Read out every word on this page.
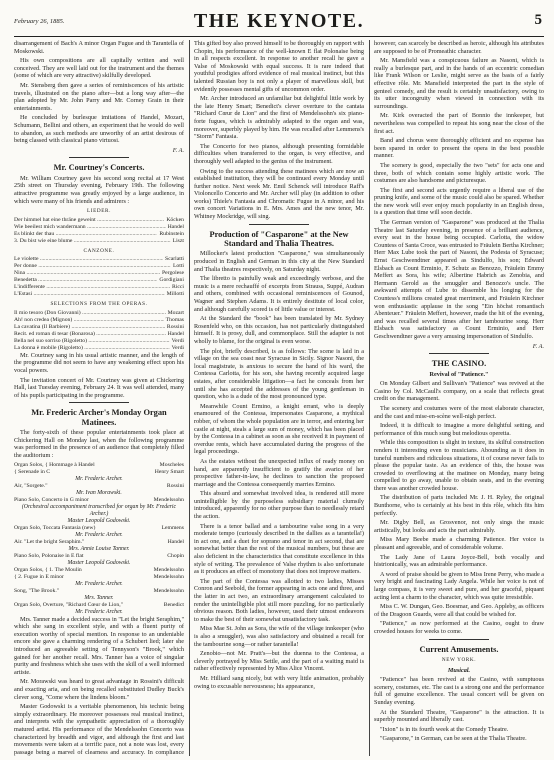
February 26, 1885.	THE KEYNOTE.	5

disarrangement of Bach's A minor Organ Fugue and th Tarantella of Moskowski.

His own compositions are all capitally written and well conceived. They are well laid out for the instrument and the themes (some of which are very attractive) skilfully developed.

Mr. Stensberg then gave a series of reminiscences of his artistic travels, illustrated on the piano after—but a long way after—the plan adopted by Mr. John Parry and Mr. Corney Grain in their entertainments.

He concluded by burlesque imitations of Handel, Mozart, Schumann, Bellini and others, an experiment that he would do well to abandon, as such methods are unworthy of an artist desirous of being classed with classical piano virtuosi.

F. A.

Mr. Courtney's Concerts.

Mr. William Courtney gave his second song recital at 17 West 25th street on Thursday evening, February 19th. The following attractive programme was greatly enjoyed by a large audience, in which were many of his friends and admirers :

LIEDER.
Der himmel hat eine thräne geweint .....	Köcken
Wie beeilest mich wandermann .....	Handel
Es blinkt der thau .....	Rubinstein
3. Du bist wie eine blume .....	Liszt
CANZONE.
Le violette .....	Scarlatti
Per donne .....	Lotti
Nina .....	Pergolese
Benedetta .....	Gordigiani
L'indifferente .....	Ricci
L'Estasi .....	Millotti
SELECTIONS FROM THE OPERAS.
Il mio tesoro (Don Giovanni) .....	Mozart
Ah! non credea (Mignon) .....	Thomas
La cavatina (Il Barbiere) .....	Rossini
Recit. ed roman di tesar (Bonarosa) .....	Handel
Bella nel suo sorriso (Rigoletto) .....	Verdi
La donna è mobile (Rigoletto) .....	Verdi

Mr. Courtney sang in his usual artistic manner, and the length of the programme did not seem to have any weakening effect upon his vocal powers.

The invitation concert of Mr. Courtney was given at Chickering Hall, last Tuesday evening, February 24. It was well attended, many of his pupils participating in the programme.

Mr. Frederic Archer's Monday Organ Matinees.

The forty-sixth of these popular entertainments took place at Chickering Hall on Monday last, when the following programme was performed in the presence of an audience that completely filled the auditorium :

Organ Solos, { Hommage à Handel	Moscheles
{ Serenade in C	Henry Smart
Mr. Frederic Archer.
Air, "Sorgete."	Rossini
Mr. Ivan Morawski.
Piano Solo, Concerto in G minor	Mendelssohn
(Orchestral accompaniment transcribed for organ by Mr. Frederic Archer.)
Master Leopold Godowski.
Organ Solo, Toccata Fantasia (new)	Lemmens
Mr. Frederic Archer.
Air. "Let the bright Seraphim."	Handel
Mrs. Annie Louise Tanner.
Piano Solo, Polonaise in E flat	Chopin
Master Leopold Godowski.
Organ Solos, { 1. The Moulin	Mendelssohn
{ 2. Fugue in E minor	Mendelssohn
Mr. Frederic Archer.
Song, "The Brook."	Mendelssohn
Mrs. Tanner.
Organ Solo, Overture, "Richard Cœur de Lion,"	Benedict
Mr. Frederic Archer.

Mrs. Tanner made a decided success in "Let the bright Seraphim," which she sang in excellent style, and with a fluent purity of execution worthy of special mention. In response to an undeniable encore she gave a charming rendering of a Schubert lied; later she introduced an agreeable setting of Tennyson's "Brook," which gained for her another recall. Mrs. Tanner has a voice of singular purity and freshness which she uses with the skill of a well informed artiste.

Mr. Morawski was heard to great advantage in Rossini's difficult and exacting aria, and on being recalled substituted Dudley Buck's clever song, "Come where the lindens bloom."

Master Godowski is a veritable phenomenon, his technic being simply extraordinary. He moreover possesses real musical instinct, and interprets with the sympathetic appreciation of a thoroughly matured artist. His performance of the Mendelssohn Concerto was characterized by breadth and vigor, and although the first and last movements were taken at a terrific pace, not a note was lost, every passage being a marvel of clearness and accuracy. In compliance

This gifted boy also proved himself to be thoroughly en rapport with Chopin, his performance of the well-known E flat Polonaise being in all respects excellent. In response to another recall he gave a Valse of Moskowski with equal success. It is rare indeed that youthful prodigies afford evidence of real musical instinct, but this talented Russian boy is not only a player of marvellous skill, but evidently possesses mental gifts of uncommon order.

Mr. Archer introduced an unfamiliar but delightful little work by the late Henry Smart; Benedict's clever overture to the cantata "Richard Cœur de Lion" and the first of Mendelssohn's six piano-forte fugues, which is admirably adapted to the organ and was, moreover, superbly played by him. He was recalled after Lemmens's "Storm" Fantasia.

The Concerto for two pianos, although presenting formidable difficulties when transferred to the organ, is very effective, and thoroughly well adapted to the genius of the instrument.

Owing to the success attending these matinees which are now an established institution, they will be continued every Monday until further notice. Next week Mr. Emil Schenck will introduce Raff's Violoncello Concerto and Mr. Archer will play (in addition to other works) Thiele's Fantasia and Chromatic Fugue in A minor, and his own concert Variations in E. Mrs. Ames and the new tenor, Mr. Whitney Mockridge, will sing.

Production of "Casparone" at the New Standard and Thalia Theatres.

Millocker's latest production "Casparone," was simultaneously produced in English and German in this city at the New Standard and Thalia theatres respectively, on Saturday night.

The libretto is painfully weak and exceedingly verbose, and the music is a mere rechauffé of excerpts from Strauss, Suppé, Audran and others, combined with occasional reminiscences of Gounod, Wagner and Stephen Adams. It is entirely destitute of local color, and although carefully scored is of little value or interest.

At the Standard the "book" has been translated by Mr. Sydney Rosenfeld who, on this occasion, has not particularly distinguished himself. It is prosy, dull, and commonplace. Still the adapter is not wholly to blame, for the original is even worse.

The plot, briefly described, is as follows: The scene is laid in a village on the sea coast near Syracuse in Sicily. Signor Nasoni, the local magistrate, is anxious to secure the hand of his ward, the Contessa Carlotta, for his son, she having recently acquired large estates, after considerable litigation—a fact he conceals from her until she has accepted the addresses of the young gentleman in question, who is a dude of the most pronounced type.

Meanwhile Count Ermino, a knight errant, who is deeply enamoured of the Contessa, impersonates Casparone, a mythical robber, of whom the whole population are in terror, and entering her castle at night, steals a large sum of money, which has been placed by the Contessa in a cabinet as soon as she received it in payment of overdue rents, which have accumulated during the progress of the legal proceedings.

As the estates without the unexpected influx of ready money on hand, are apparently insufficient to gratify the avarice of her prospective father-in-law, he declines to sanction the proposed marriage and the Contessa consequently marries Ermino.

This absurd and somewhat involved idea, is rendered still more unintelligible by the purposeless subsidiary material clumsily introduced, apparently for no other purpose than to needlessly retard the action.

There is a tenor ballad and a tambourine valse song in a very moderate tempo (curiously described in the dallies as a tarantella!) in act one, and a duet for soprano and tenor in act second, that are somewhat better than the rest of the musical numbers, but these are also deficient in the characteristics that constitute excellence in this style of writing. The prevalence of Valse rhythm is also unfortunate as it produces an effect of monotony that does not improve matters.

The part of the Contessa was allotted to two ladies, Misses Conron and Seebold, the former appearing in acts one and three, and the latter in act two, an extraordinary arrangement calculated to render the unintelligible plot still more puzzling, for no particularly obvious reason. Both ladies, however, used their utmost endeavors to make the best of their somewhat unsatisfactory task.

Miss Mae St. John as Sora, the wife of the village innkeeper (who is also a smuggler), was also satisfactory and obtained a recall for the tambourine song—or rather tarantella!

Zenobio—not Mr. Pratt's—but the duenna to the Contessa, a cleverly portrayed by Miss Settle, and the part of a waiting maid is rather effectively represented by Miss Alice Vincent.

Mr. Hilliard sang nicely, but with very little animation, probably owing to excusable nervousness; his appearance,

however, can scarcely be described as heroic, although his attributes are supposed to be of Promeathic character.

Mr. Mansfield was a conspicuous failure as Nasoni, which is really a burlesque part, and in the hands of an eccentric comedian like Frank Wilson or Leslie, might serve as the basis of a fairly effective rôle. Mr. Mansfield interpreted the part in the style of genteel comedy, and the result is certainly unsatisfactory, owing to its utter incongruity when viewed in connection with its surroundings.

Mr. Kirk overacted the part of Bonnio the innkeeper, but nevertheless was compelled to repeat his song near the close of the first act.

Band and chorus were thoroughly efficient and no expense has been spared in order to present the opera in the best possible manner.

The scenery is good, especially the two "sets" for acts one and three, both of which contain some highly artistic work. The costumes are also handsome and picturesque.

The first and second acts urgently require a liberal use of the pruning knife, and some of the music could also be spared. Whether the new work will ever enjoy much popularity in an English dress, is a question that time will soon decide.

The German version of "Gasparone" was produced at the Thalia Theatre last Saturday evening, in presence of a brilliant audience, every seat in the house being occupied. Carlotta, the widow Countess of Santa Croce, was entrusted to Fräulein Bertha Kirchner; Herr Max Lube took the part of Nasoni, the Podesta of Syracuse; Ernst Geschwendtner appeared as Sindulfo, his son; Edward Elsbach as Count Erminio, F. Schutz as Benozzo, Fräulein Emmy Meffert as Sora, his wife; Albertine Habrich as Zenobia, and Hermann Gerold as the smuggler and Benozzo's uncle. The awkward attempts of Lube to dissemble his longing for the Countess's millions created great merriment, and Fräulein Kirchner won enthusiastic applause in the song "Ein höchst romantisch Abenteuer." Fräulein Meffert, however, made the hit of the evening, and was recalled several times after her tambourine song. Herr Elsbach was satisfactory as Count Erminio, and Herr Geschwendtner gave a very amusing impersonation of Sindulfo.

F. A.

THE CASINO.
Revival of "Patience."

On Monday Gilbert and Sullivan's "Patience" was revived at the Casino by Col. McCaull's company, on a scale that reflects great credit on the management.

The scenery and costumes were of the most elaborate character, and the cast and mise-en-scène well-nigh perfect.

Indeed, it is difficult to imagine a more delightful setting, and performance of this much sung but melodious operetta.

While this composition is slight in texture, its skilful construction renders it interesting even to musicians. Abounding as it does in tuneful numbers and ridiculous situations, it of course never fails to please the popular taste. As an evidence of this, the house was crowded to overflowing at the matinee on Monday, many being compelled to go away, unable to obtain seats, and in the evening there was another crowded house.

The distribution of parts included Mr. J. H. Ryley, the original Bunthorne, who is certainly at his best in this rôle, which fits him perfectly.

Mr. Digby Bell, as Grosvenor, not only sings the music artistically, but looks and acts the part admirably.

Miss Mary Beebe made a charming Patience. Her voice is pleasant and agreeable, and of considerable volume.

The Lady Jane of Laura Joyce-Bell, both vocally and histrionically, was an admirable performance.

A word of praise should be given to Miss Irene Perry, who made a very bright and fascinating Lady Angela. While her voice is not of large compass, it is very sweet and pure, and her graceful, piquant acting lent a charm to the character, which was quite irresistible.

Miss C. W. Dungan, Geo. Boesmar, and Geo. Appleby, as officers of the Dragoon Guards, were all that could be wished for.

"Patience," as now performed at the Casino, ought to draw crowded houses for weeks to come.

Current Amusements.
NEW YORK.
Musical.

"Patience" has been revived at the Casino, with sumptuous scenery, costumes, etc. The cast is a strong one and the performance full of genuine excellence. The usual concert will be given on Sunday evening.

At the Standard Theatre, "Gasparone" is the attraction. It is superbly mounted and liberally cast.

"Ixion" is in its fourth week at the Comedy Theatre.

"Gasparone," in German, can be seen at the Thalia Theatre.
